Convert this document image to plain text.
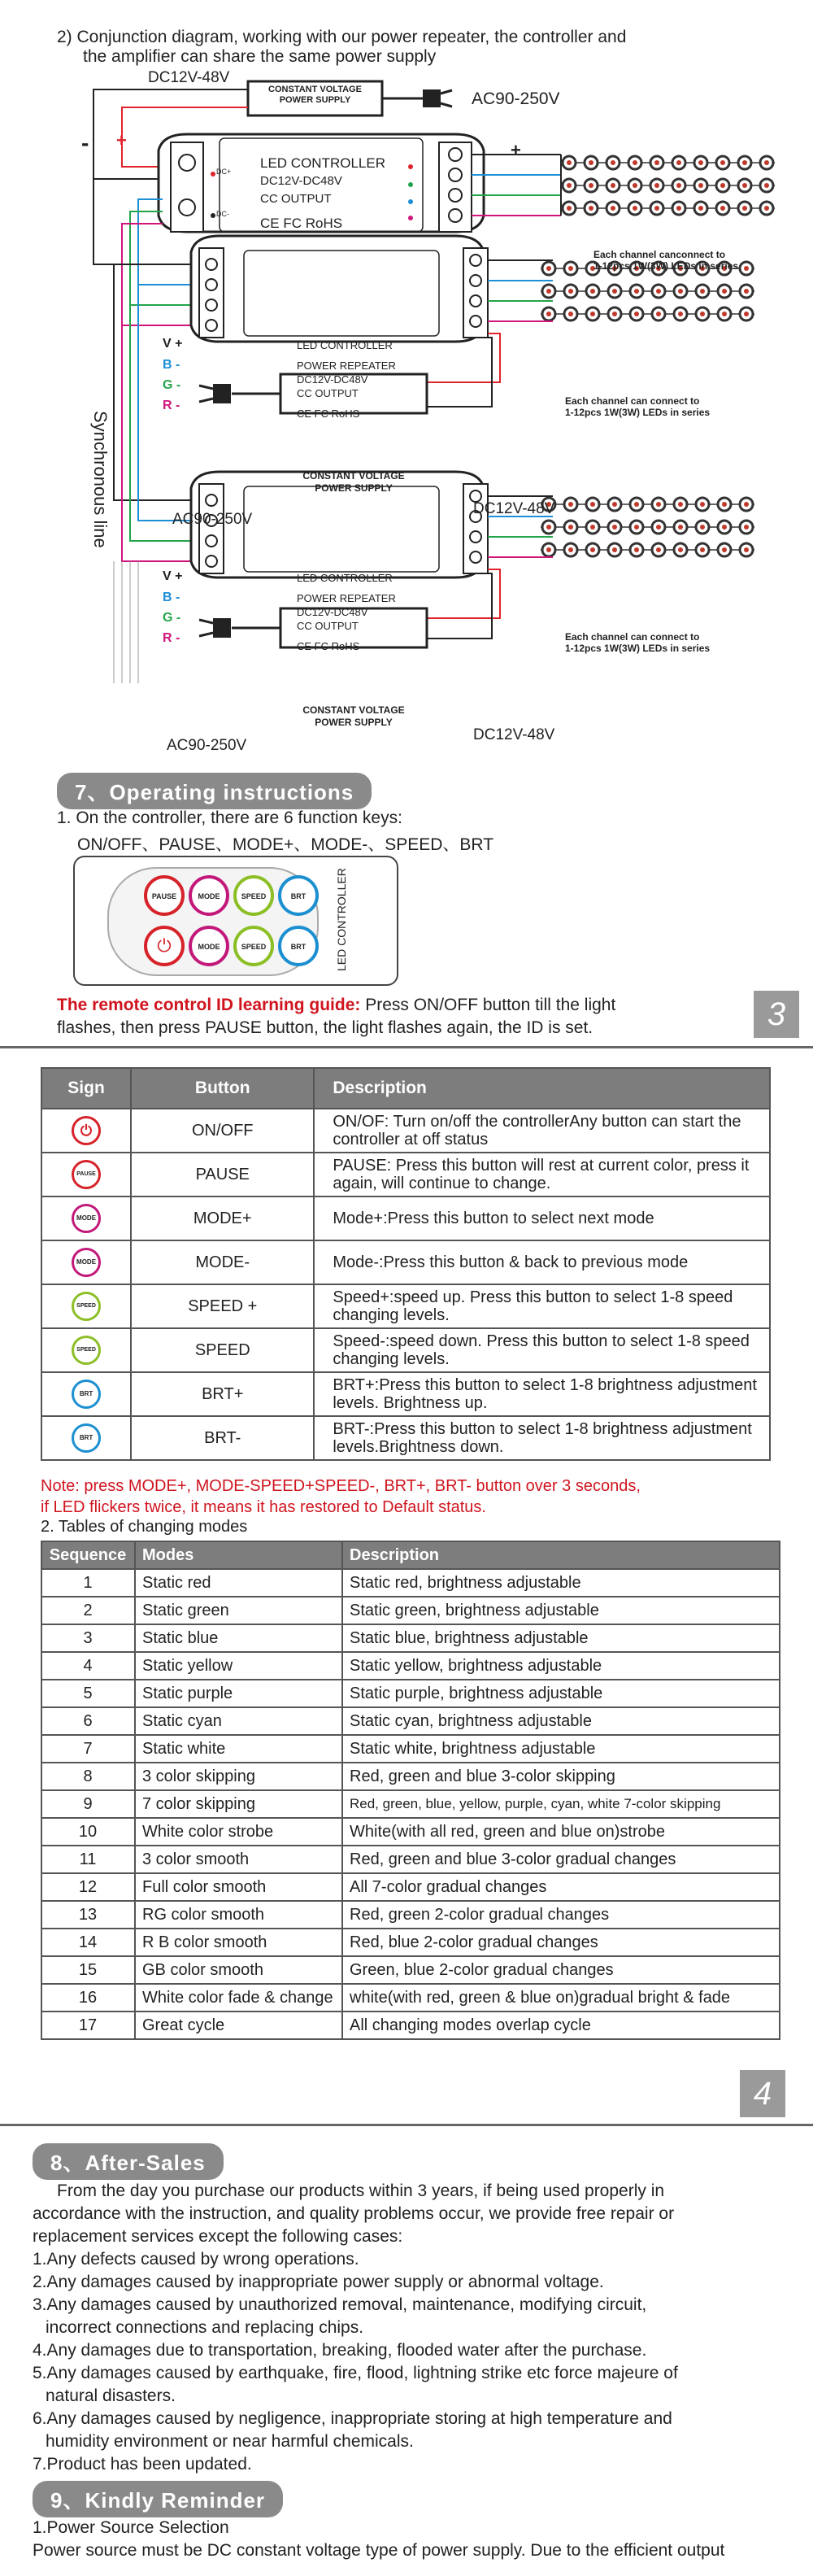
2) Conjunction diagram, working with our power repeater, the controller and
the amplifier can share the same power supply
DC12V-48V
AC90-250V
CONSTANT VOLTAGE
POWER SUPPLY
- +	+
LED CONTROLLER
DC12V-DC48V
CC OUTPUT
CE FC RoHS
DC+
DC-
Each channel canconnect to
1-12pcs 1W(3W) LEDs in series
V +
B -
G -
R -
LED CONTROLLER
POWER REPEATER
DC12V-DC48V
CC OUTPUT
CE FC RoHS
Each channel can connect to
1-12pcs 1W(3W) LEDs in series
CONSTANT VOLTAGE
POWER SUPPLY
AC90-250V
DC12V-48V
Synchronous line
V +
B -
G -
R -
LED CONTROLLER
POWER REPEATER
DC12V-DC48V
CC OUTPUT
CE FC RoHS
Each channel can connect to
1-12pcs 1W(3W) LEDs in series
CONSTANT VOLTAGE
POWER SUPPLY
AC90-250V
DC12V-48V
7、Operating instructions
1. On the controller, there are 6 function keys:
ON/OFF、PAUSE、MODE+、MODE-、SPEED、BRT
PAUSE	MODE	SPEED	BRT
⏻	MODE	SPEED	BRT	LED CONTROLLER
The remote control ID learning guide: Press ON/OFF button till the light
flashes, then press PAUSE button, the light flashes again, the ID is set.	3
Sign	Button	Description
⏻	ON/OFF	ON/OF: Turn on/off the controllerAny button can start the controller at off status
PAUSE	PAUSE	PAUSE: Press this button will rest at current color, press it again, will continue to change.
MODE	MODE+	Mode+:Press this button to select next mode
MODE	MODE-	Mode-:Press this button & back to previous mode
SPEED	SPEED +	Speed+:speed up. Press this button to select 1-8 speed changing levels.
SPEED	SPEED	Speed-:speed down. Press this button to select 1-8 speed changing levels.
BRT	BRT+	BRT+:Press this button to select 1-8 brightness adjustment levels. Brightness up.
BRT	BRT-	BRT-:Press this button to select 1-8 brightness adjustment levels.Brightness down.
Note: press MODE+, MODE-SPEED+SPEED-, BRT+, BRT- button over 3 seconds,
if LED flickers twice, it means it has restored to Default status.
2. Tables of changing modes
Sequence	Modes	Description
1	Static red	Static red, brightness adjustable
2	Static green	Static green, brightness adjustable
3	Static blue	Static blue, brightness adjustable
4	Static yellow	Static yellow, brightness adjustable
5	Static purple	Static purple, brightness adjustable
6	Static cyan	Static cyan, brightness adjustable
7	Static white	Static white, brightness adjustable
8	3 color skipping	Red, green and blue 3-color skipping
9	7 color skipping	Red, green, blue, yellow, purple, cyan, white 7-color skipping
10	White color strobe	White(with all red, green and blue on)strobe
11	3 color smooth	Red, green and blue 3-color gradual changes
12	Full color smooth	All 7-color gradual changes
13	RG color smooth	Red, green 2-color gradual changes
14	R B color smooth	Red, blue 2-color gradual changes
15	GB color smooth	Green, blue 2-color gradual changes
16	White color fade & change	white(with red, green & blue on)gradual bright & fade
17	Great cycle	All changing modes overlap cycle
4
8、After-Sales
From the day you purchase our products within 3 years, if being used properly in
accordance with the instruction, and quality problems occur, we provide free repair or
replacement services except the following cases:
1.Any defects caused by wrong operations.
2.Any damages caused by inappropriate power supply or abnormal voltage.
3.Any damages caused by unauthorized removal, maintenance, modifying circuit,
incorrect connections and replacing chips.
4.Any damages due to transportation, breaking, flooded water after the purchase.
5.Any damages caused by earthquake, fire, flood, lightning strike etc force majeure of
natural disasters.
6.Any damages caused by negligence, inappropriate storing at high temperature and
humidity environment or near harmful chemicals.
7.Product has been updated.
9、Kindly Reminder
1.Power Source Selection
Power source must be DC constant voltage type of power supply. Due to the efficient output
